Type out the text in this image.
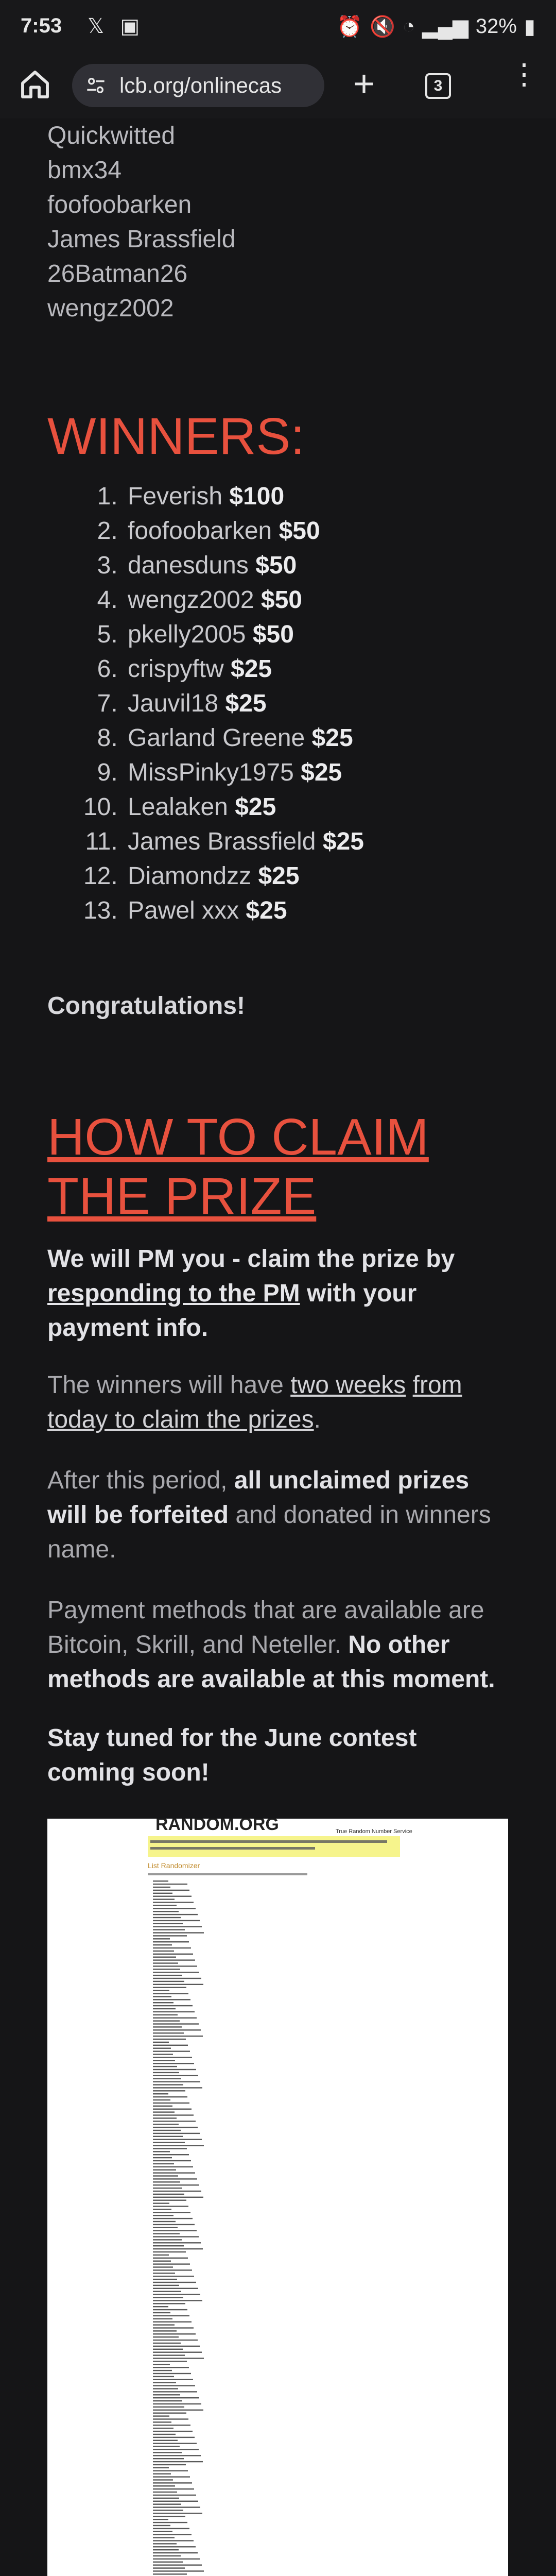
7:53 𝕏 ▣	⏰ 🔇 ◔ ▂▄▆ 32% ▮
lcb.org/onlinecas	+	3 ⋮
Quickwitted
bmx34
foofoobarken
James Brassfield
26Batman26
wengz2002
WINNERS:
1. Feverish $100
2. foofoobarken $50
3. danesduns $50
4. wengz2002 $50
5. pkelly2005 $50
6. crispyftw $25
7. Jauvil18 $25
8. Garland Greene $25
9. MissPinky1975 $25
10. Lealaken $25
11. James Brassfield $25
12. Diamondzz $25
13. Pawel xxx $25
Congratulations!
HOW TO CLAIM THE PRIZE
We will PM you - claim the prize by responding to the PM with your payment info.
The winners will have two weeks from today to claim the prizes.
After this period, all unclaimed prizes will be forfeited and donated in winners name.
Payment methods that are available are Bitcoin, Skrill, and Neteller. No other methods are available at this moment.
Stay tuned for the June contest coming soon!
RANDOM.ORG	True Random Number Service
List Randomizer
